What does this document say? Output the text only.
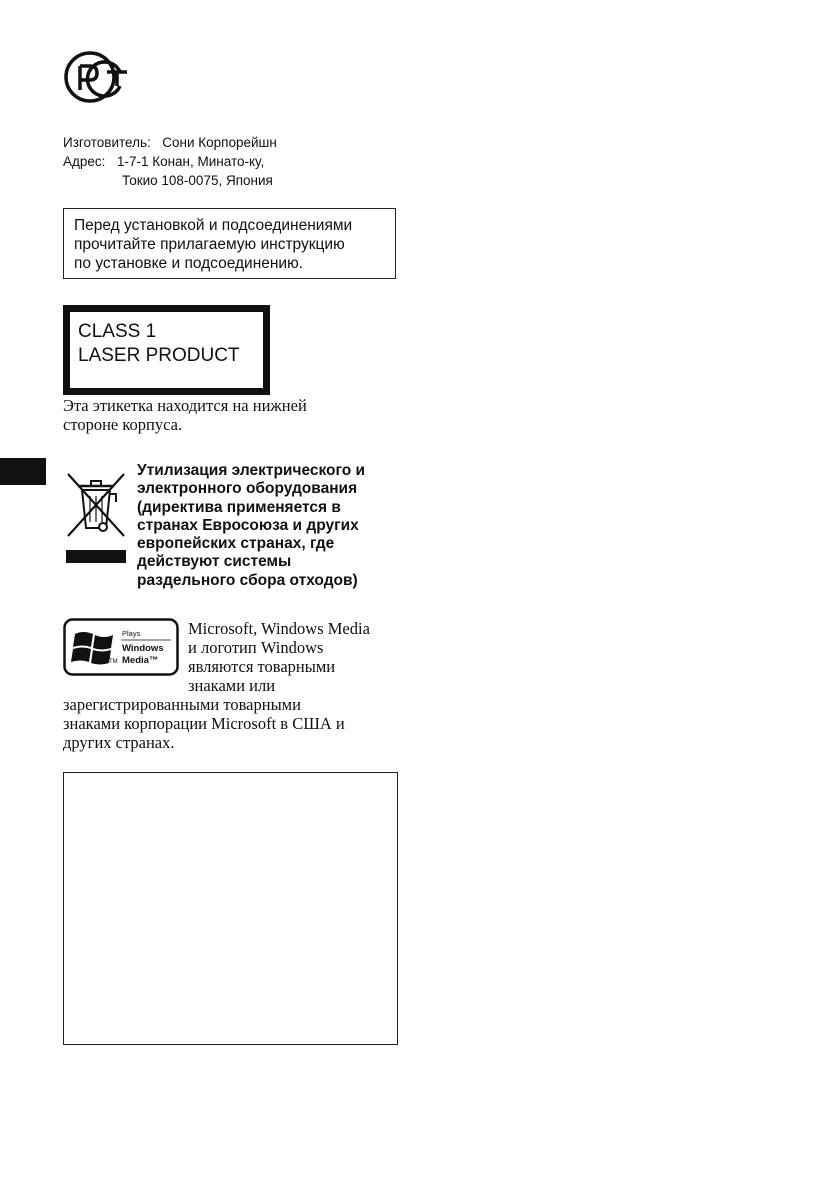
Изготовитель: Сони Корпорейшн
Адрес: 1-7-1 Конан, Минато-ку,
Токио 108-0075, Япония
Перед установкой и подсоединениями
прочитайте прилагаемую инструкцию
по установке и подсоединению.
CLASS 1
LASER PRODUCT
Эта этикетка находится на нижней
стороне корпуса.
Утилизация электрического и
электронного оборудования
(директива применяется в
странах Евросоюза и других
европейских странах, где
действуют системы
раздельного сбора отходов)
Plays
Windows
Media™
TM
Microsoft, Windows Media
и логотип Windows
являются товарными
знаками или
зарегистрированными товарными
знаками корпорации Microsoft в США и
других странах.
